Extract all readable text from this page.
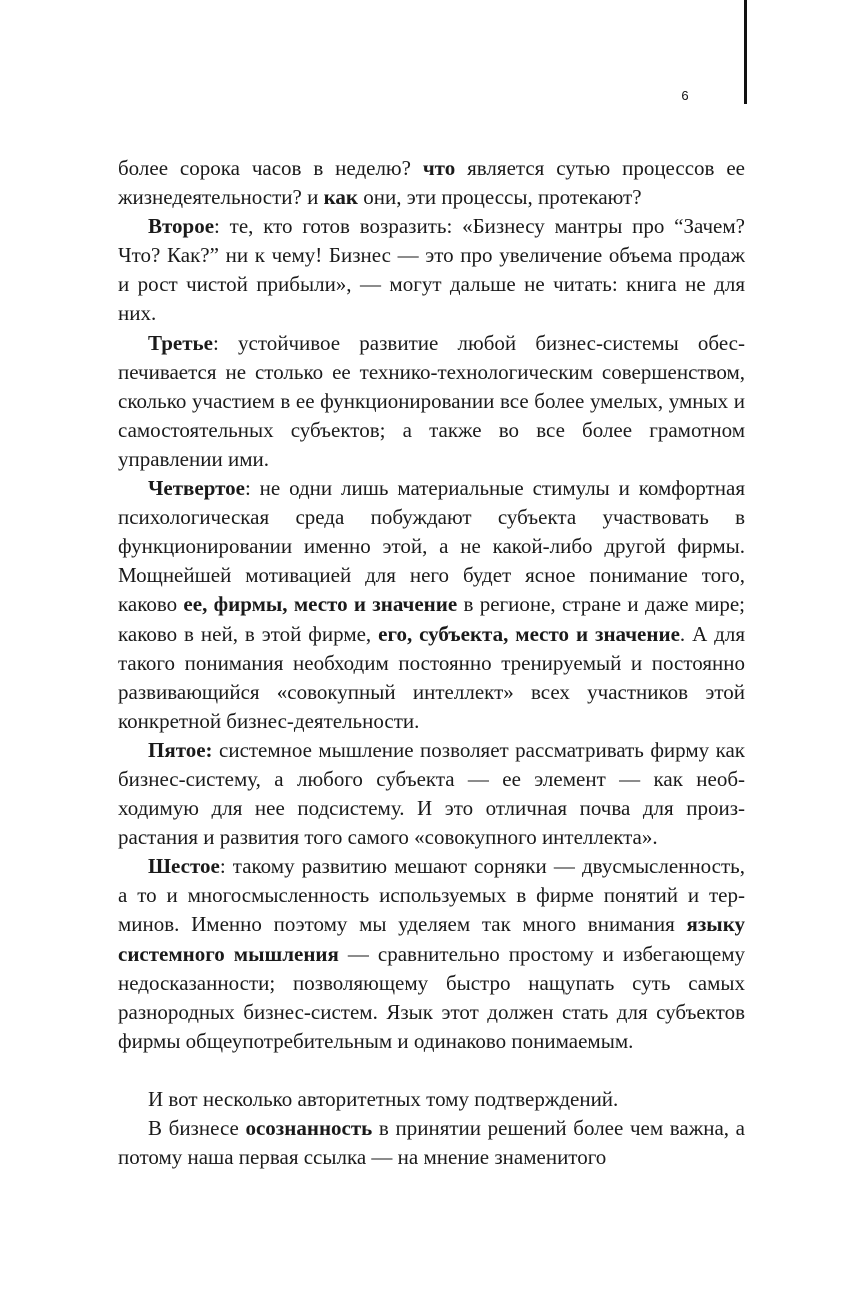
6

более сорока часов в неделю? что является сутью процессов ее жизнедеятельности? и как они, эти процессы, протекают?

Второе: те, кто готов возразить: «Бизнесу мантры про “Зачем? Что? Как?” ни к чему! Бизнес — это про увеличение объема продаж и рост чистой прибыли», — могут дальше не читать: книга не для них.

Третье: устойчивое развитие любой бизнес-системы обеспечивается не столько ее технико-технологическим совершенством, сколько участием в ее функционировании все более умелых, умных и самостоятельных субъектов; а также во все более грамотном управлении ими.

Четвертое: не одни лишь материальные стимулы и комфортная психологическая среда побуждают субъекта участвовать в функционировании именно этой, а не какой-либо другой фирмы. Мощнейшей мотивацией для него будет ясное понимание того, каково ее, фирмы, место и значение в регионе, стране и даже мире; каково в ней, в этой фирме, его, субъекта, место и значение. А для такого понимания необходим постоянно тренируемый и постоянно развивающийся «совокупный интеллект» всех участников этой конкретной бизнес-деятельности.

Пятое: системное мышление позволяет рассматривать фирму как бизнес-систему, а любого субъекта — ее элемент — как необходимую для нее подсистему. И это отличная почва для произрастания и развития того самого «совокупного интеллекта».

Шестое: такому развитию мешают сорняки — двусмысленность, а то и многосмысленность используемых в фирме понятий и терминов. Именно поэтому мы уделяем так много внимания языку системного мышления — сравнительно простому и избегающему недосказанности; позволяющему быстро нащупать суть самых разнородных бизнес-систем. Язык этот должен стать для субъектов фирмы общеупотребительным и одинаково понимаемым.

И вот несколько авторитетных тому подтверждений.

В бизнесе осознанность в принятии решений более чем важна, а потому наша первая ссылка — на мнение знаменитого
